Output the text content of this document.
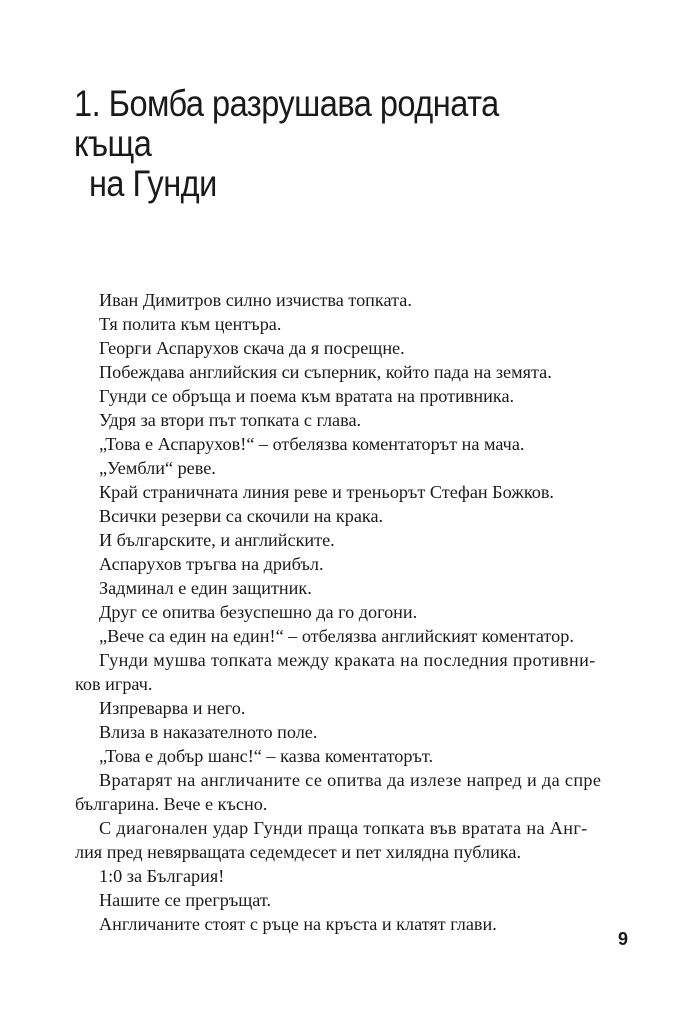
1. Бомба разрушава родната къща
на Гунди

Иван Димитров силно изчиства топката.

Тя полита към центъра.

Георги Аспарухов скача да я посрещне.

Побеждава английския си съперник, който пада на земята.

Гунди се обръща и поема към вратата на противника.

Удря за втори път топката с глава.

„Това е Аспарухов!“ – отбелязва коментаторът на мача.

„Уембли“ реве.

Край страничната линия реве и треньорът Стефан Божков.

Всички резерви са скочили на крака.

И българските, и английските.

Аспарухов тръгва на дрибъл.

Задминал е един защитник.

Друг се опитва безуспешно да го догони.

„Вече са един на един!“ – отбелязва английският коментатор.

Гунди мушва топката между краката на последния противни-

ков играч.

Изпреварва и него.

Влиза в наказателното поле.

„Това е добър шанс!“ – казва коментаторът.

Вратарят на англичаните се опитва да излезе напред и да спре

българина. Вече е късно.

С диагонален удар Гунди праща топката във вратата на Анг-

лия пред невярващата седемдесет и пет хилядна публика.

1:0 за България!

Нашите се прегръщат.

Англичаните стоят с ръце на кръста и клатят глави.

9
